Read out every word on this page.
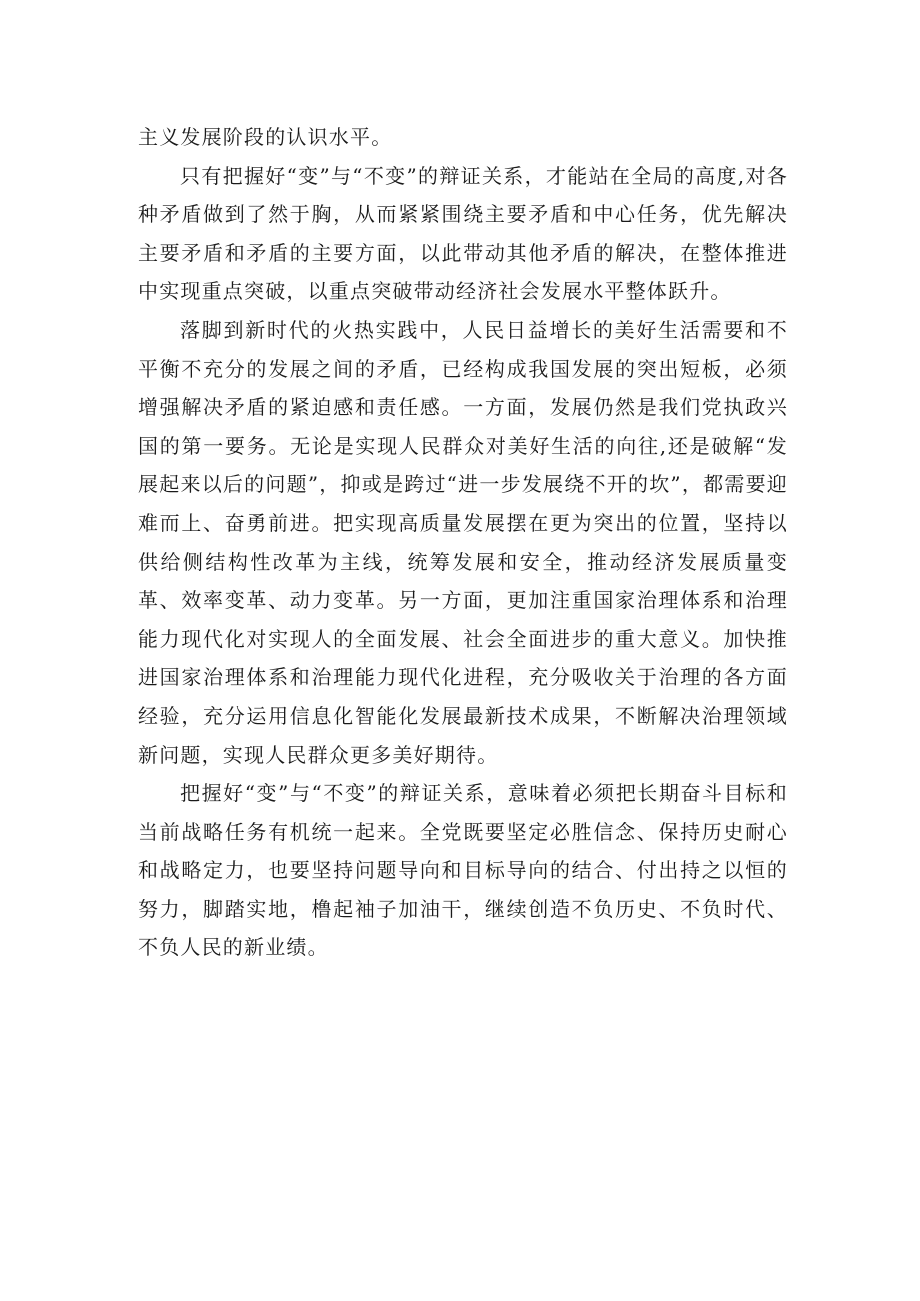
主义发展阶段的认识水平。

只有把握好“变”与“不变”的辩证关系，才能站在全局的高度,对各种矛盾做到了然于胸，从而紧紧围绕主要矛盾和中心任务，优先解决主要矛盾和矛盾的主要方面，以此带动其他矛盾的解决，在整体推进中实现重点突破，以重点突破带动经济社会发展水平整体跃升。

落脚到新时代的火热实践中，人民日益增长的美好生活需要和不平衡不充分的发展之间的矛盾，已经构成我国发展的突出短板，必须增强解决矛盾的紧迫感和责任感。一方面，发展仍然是我们党执政兴国的第一要务。无论是实现人民群众对美好生活的向往,还是破解“发展起来以后的问题”，抑或是跨过“进一步发展绕不开的坎”，都需要迎难而上、奋勇前进。把实现高质量发展摆在更为突出的位置，坚持以供给侧结构性改革为主线，统筹发展和安全，推动经济发展质量变革、效率变革、动力变革。另一方面，更加注重国家治理体系和治理能力现代化对实现人的全面发展、社会全面进步的重大意义。加快推进国家治理体系和治理能力现代化进程，充分吸收关于治理的各方面经验，充分运用信息化智能化发展最新技术成果，不断解决治理领域新问题，实现人民群众更多美好期待。

把握好“变”与“不变”的辩证关系，意味着必须把长期奋斗目标和当前战略任务有机统一起来。全党既要坚定必胜信念、保持历史耐心和战略定力，也要坚持问题导向和目标导向的结合、付出持之以恒的努力，脚踏实地，橹起袖子加油干，继续创造不负历史、不负时代、不负人民的新业绩。
